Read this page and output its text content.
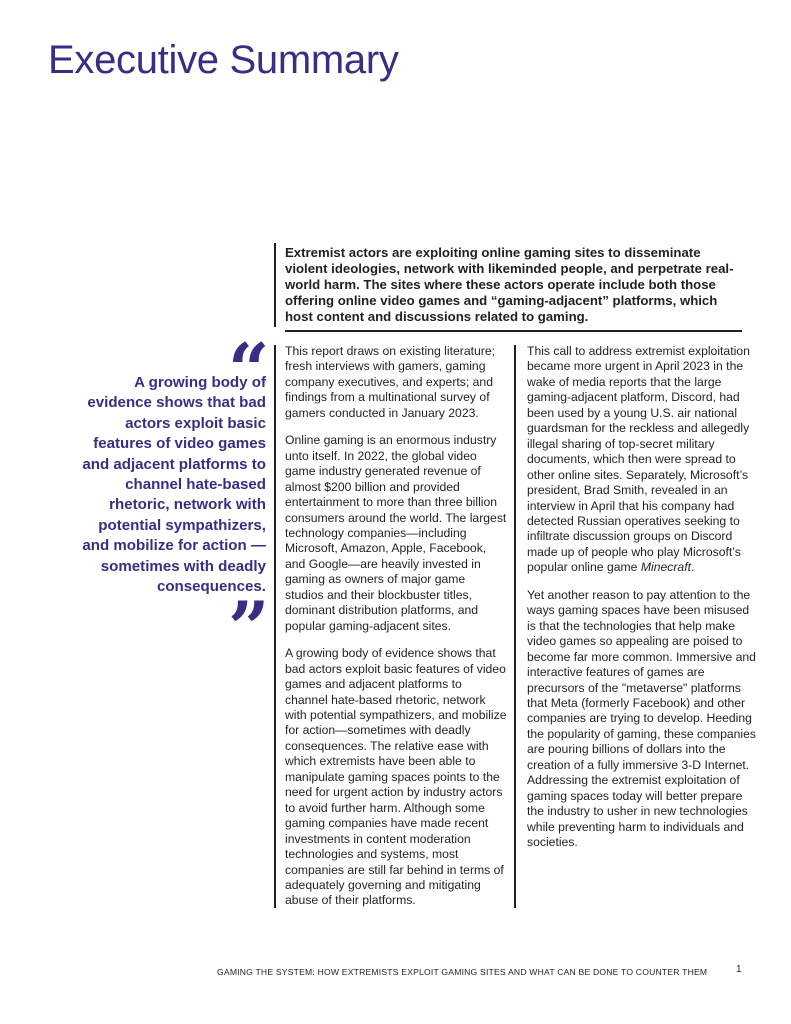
Executive Summary
Extremist actors are exploiting online gaming sites to disseminate violent ideologies, network with likeminded people, and perpetrate real-world harm. The sites where these actors operate include both those offering online video games and “gaming-adjacent” platforms, which host content and discussions related to gaming.
“
A growing body of evidence shows that bad actors exploit basic features of video games and adjacent platforms to channel hate-based rhetoric, network with potential sympathizers, and mobilize for action —sometimes with deadly consequences.
”

This report draws on existing literature; fresh interviews with gamers, gaming company executives, and experts; and findings from a multinational survey of gamers conducted in January 2023.

Online gaming is an enormous industry unto itself. In 2022, the global video game industry generated revenue of almost $200 billion and provided entertainment to more than three billion consumers around the world. The largest technology companies—including Microsoft, Amazon, Apple, Facebook, and Google—are heavily invested in gaming as owners of major game studios and their blockbuster titles, dominant distribution platforms, and popular gaming-adjacent sites.

A growing body of evidence shows that bad actors exploit basic features of video games and adjacent platforms to channel hate-based rhetoric, network with potential sympathizers, and mobilize for action—sometimes with deadly consequences. The relative ease with which extremists have been able to manipulate gaming spaces points to the need for urgent action by industry actors to avoid further harm. Although some gaming companies have made recent investments in content moderation technologies and systems, most companies are still far behind in terms of adequately governing and mitigating abuse of their platforms.

This call to address extremist exploitation became more urgent in April 2023 in the wake of media reports that the large gaming-adjacent platform, Discord, had been used by a young U.S. air national guardsman for the reckless and allegedly illegal sharing of top-secret military documents, which then were spread to other online sites. Separately, Microsoft’s president, Brad Smith, revealed in an interview in April that his company had detected Russian operatives seeking to infiltrate discussion groups on Discord made up of people who play Microsoft’s popular online game Minecraft.

Yet another reason to pay attention to the ways gaming spaces have been misused is that the technologies that help make video games so appealing are poised to become far more common. Immersive and interactive features of games are precursors of the "metaverse" platforms that Meta (formerly Facebook) and other companies are trying to develop. Heeding the popularity of gaming, these companies are pouring billions of dollars into the creation of a fully immersive 3-D Internet. Addressing the extremist exploitation of gaming spaces today will better prepare the industry to usher in new technologies while preventing harm to individuals and societies.

GAMING THE SYSTEM: HOW EXTREMISTS EXPLOIT GAMING SITES AND WHAT CAN BE DONE TO COUNTER THEM	1
